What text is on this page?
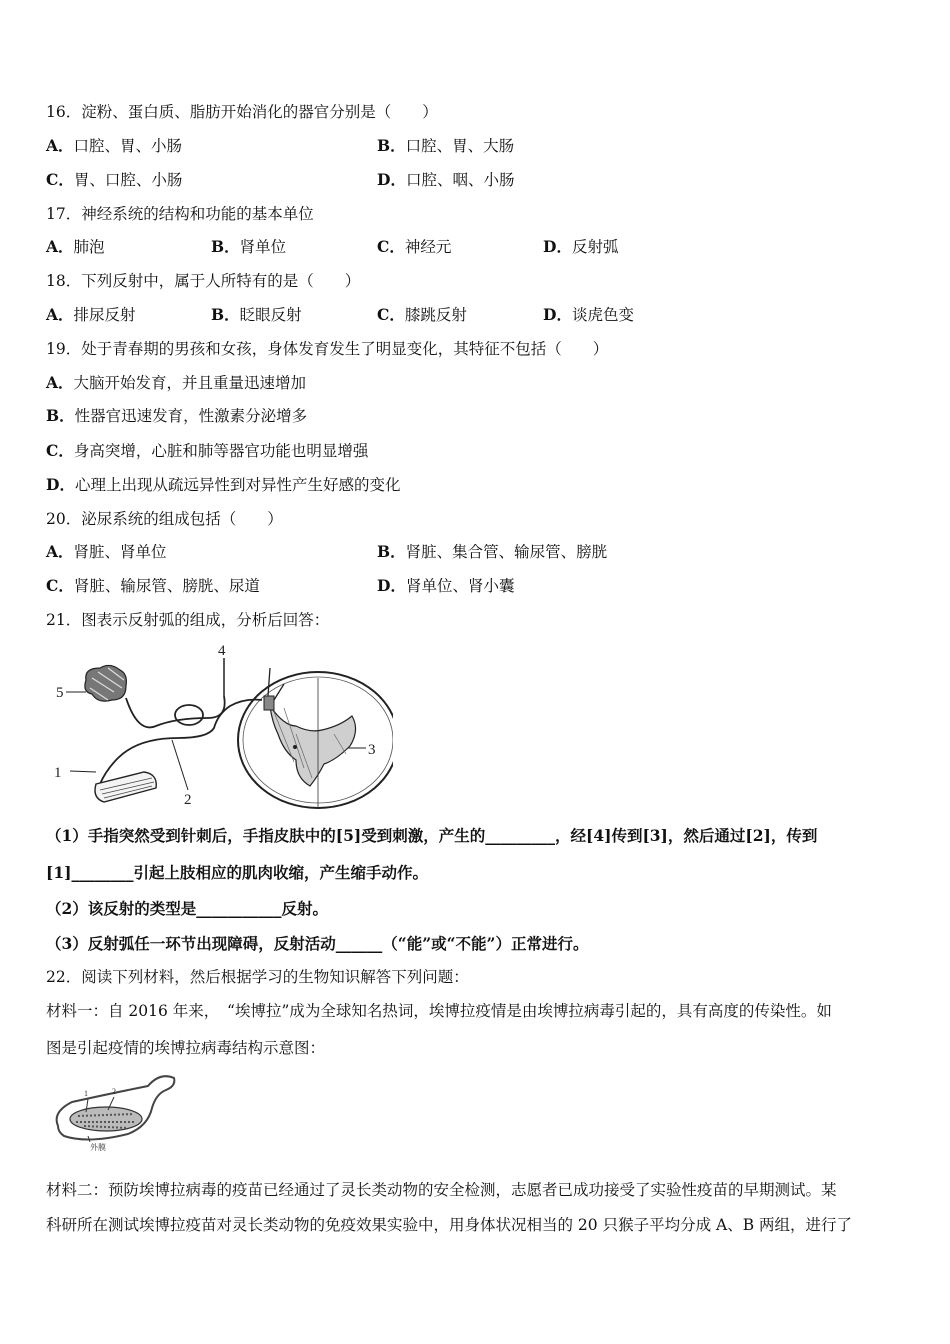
16．淀粉、蛋白质、脂肪开始消化的器官分别是（　　）
A．口腔、胃、小肠	B．口腔、胃、大肠
C．胃、口腔、小肠	D．口腔、咽、小肠
17．神经系统的结构和功能的基本单位
A．肺泡	B．肾单位	C．神经元	D．反射弧
18．下列反射中，属于人所特有的是（　　）
A．排尿反射	B．眨眼反射	C．膝跳反射	D．谈虎色变
19．处于青春期的男孩和女孩，身体发育发生了明显变化，其特征不包括（　　）
A．大脑开始发育，并且重量迅速增加
B．性器官迅速发育，性激素分泌增多
C．身高突增，心脏和肺等器官功能也明显增强
D．心理上出现从疏远异性到对异性产生好感的变化
20．泌尿系统的组成包括（　　）
A．肾脏、肾单位	B．肾脏、集合管、输尿管、膀胱
C．肾脏、输尿管、膀胱、尿道	D．肾单位、肾小囊
21．图表示反射弧的组成，分析后回答：
5
1
2
3
4
（1）手指突然受到针刺后，手指皮肤中的[5]受到刺激，产生的_________，经[4]传到[3]，然后通过[2]，传到
[1]________引起上肢相应的肌肉收缩，产生缩手动作。
（2）该反射的类型是___________反射。
（3）反射弧任一环节出现障碍，反射活动______（“能”或“不能”）正常进行。
22．阅读下列材料，然后根据学习的生物知识解答下列问题：
材料一：自 2016 年来，　“埃博拉”成为全球知名热词，埃博拉疫情是由埃博拉病毒引起的，具有高度的传染性。如
图是引起疫情的埃博拉病毒结构示意图：
1	2
外膜
材料二：预防埃博拉病毒的疫苗已经通过了灵长类动物的安全检测，志愿者已成功接受了实验性疫苗的早期测试。某
科研所在测试埃博拉疫苗对灵长类动物的免疫效果实验中，用身体状况相当的 20 只猴子平均分成 A、B 两组，进行了
